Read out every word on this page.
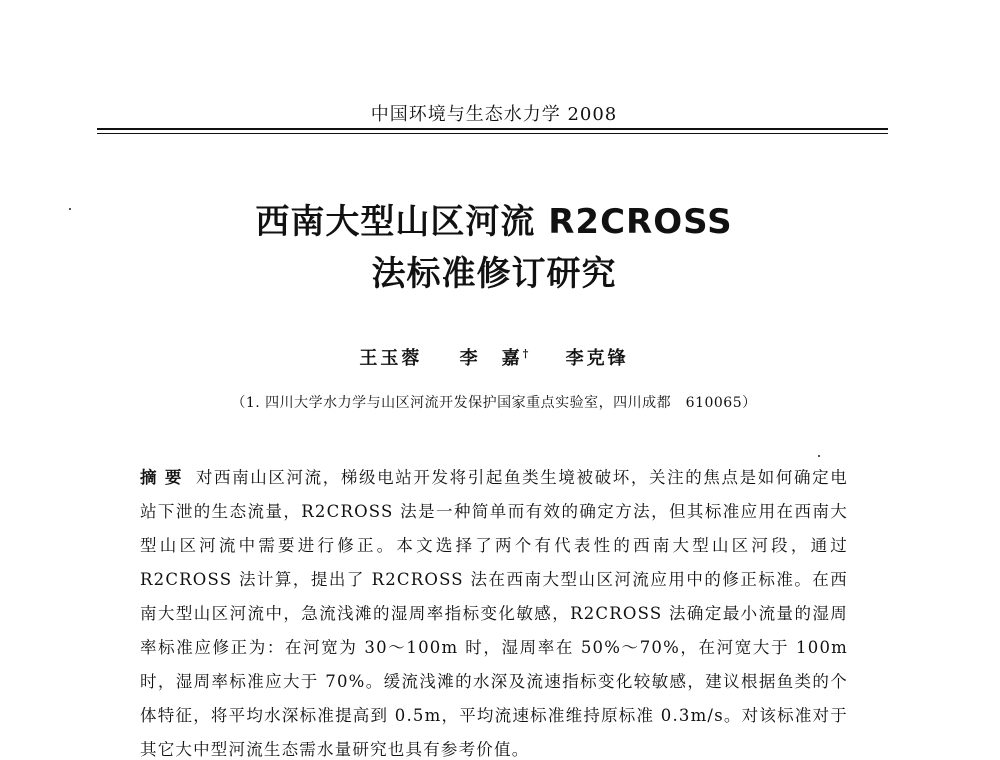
中国环境与生态水力学 2008
西南大型山区河流 R2CROSS
法标准修订研究
王玉蓉 李　嘉† 李克锋
（1. 四川大学水力学与山区河流开发保护国家重点实验室，四川成都　610065）
摘要 对西南山区河流，梯级电站开发将引起鱼类生境被破坏，关注的焦点是如何确定电站下泄的生态流量，R2CROSS 法是一种简单而有效的确定方法，但其标准应用在西南大型山区河流中需要进行修正。本文选择了两个有代表性的西南大型山区河段，通过 R2CROSS 法计算，提出了 R2CROSS 法在西南大型山区河流应用中的修正标准。在西南大型山区河流中，急流浅滩的湿周率指标变化敏感，R2CROSS 法确定最小流量的湿周率标准应修正为：在河宽为 30～100m 时，湿周率在 50%～70%，在河宽大于 100m 时，湿周率标准应大于 70%。缓流浅滩的水深及流速指标变化较敏感，建议根据鱼类的个体特征，将平均水深标准提高到 0.5m，平均流速标准维持原标准 0.3m/s。对该标准对于其它大中型河流生态需水量研究也具有参考价值。
